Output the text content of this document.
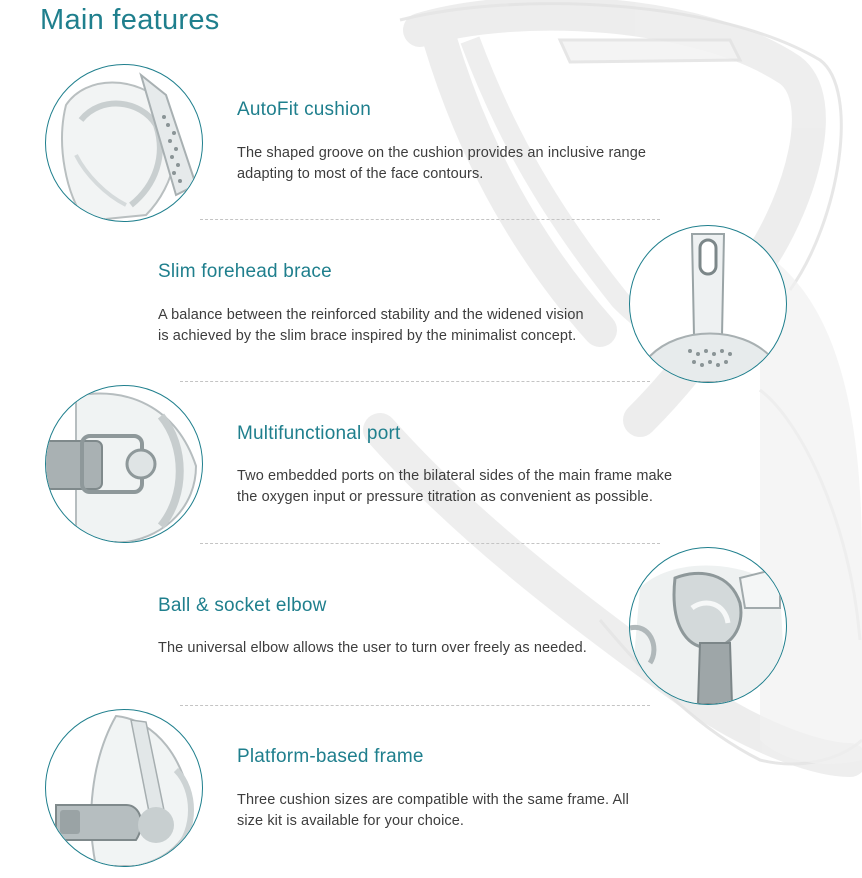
Main features
AutoFit cushion

The shaped groove on the cushion provides an inclusive range

adapting to most of the face contours.

Slim forehead brace

A balance between the reinforced stability and the widened vision

is achieved by the slim brace inspired by the minimalist concept.

Multifunctional port

Two embedded ports on the bilateral sides of the main frame make

the oxygen input or pressure titration as convenient as possible.

Ball & socket elbow

The universal elbow allows the user to turn over freely as needed.

Platform-based frame

Three cushion sizes are compatible with the same frame. All

size kit is available for your choice.
